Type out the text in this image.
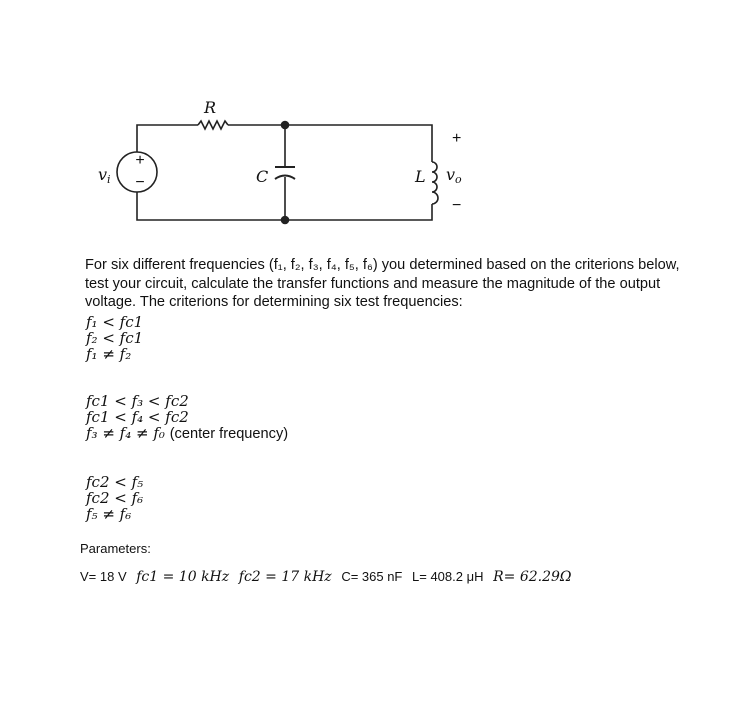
+
−
R
C	L
vi	vo
+
−
For six different frequencies (f₁, f₂, f₃, f₄, f₅, f₆) you determined based on the criterions below, test your circuit, calculate the transfer functions and measure the magnitude of the output voltage. The criterions for determining six test frequencies:
f₁ < fc1
f₂ < fc1
f₁ ≠ f₂
fc1 < f₃ < fc2
fc1 < f₄ < fc2
f₃ ≠ f₄ ≠ f₀ (center frequency)
fc2 < f₅
fc2 < f₆
f₅ ≠ f₆
Parameters:
V= 18 V fc1 = 10 kHz fc2 = 17 kHz C= 365 nF L= 408.2 μH R= 62.29Ω
